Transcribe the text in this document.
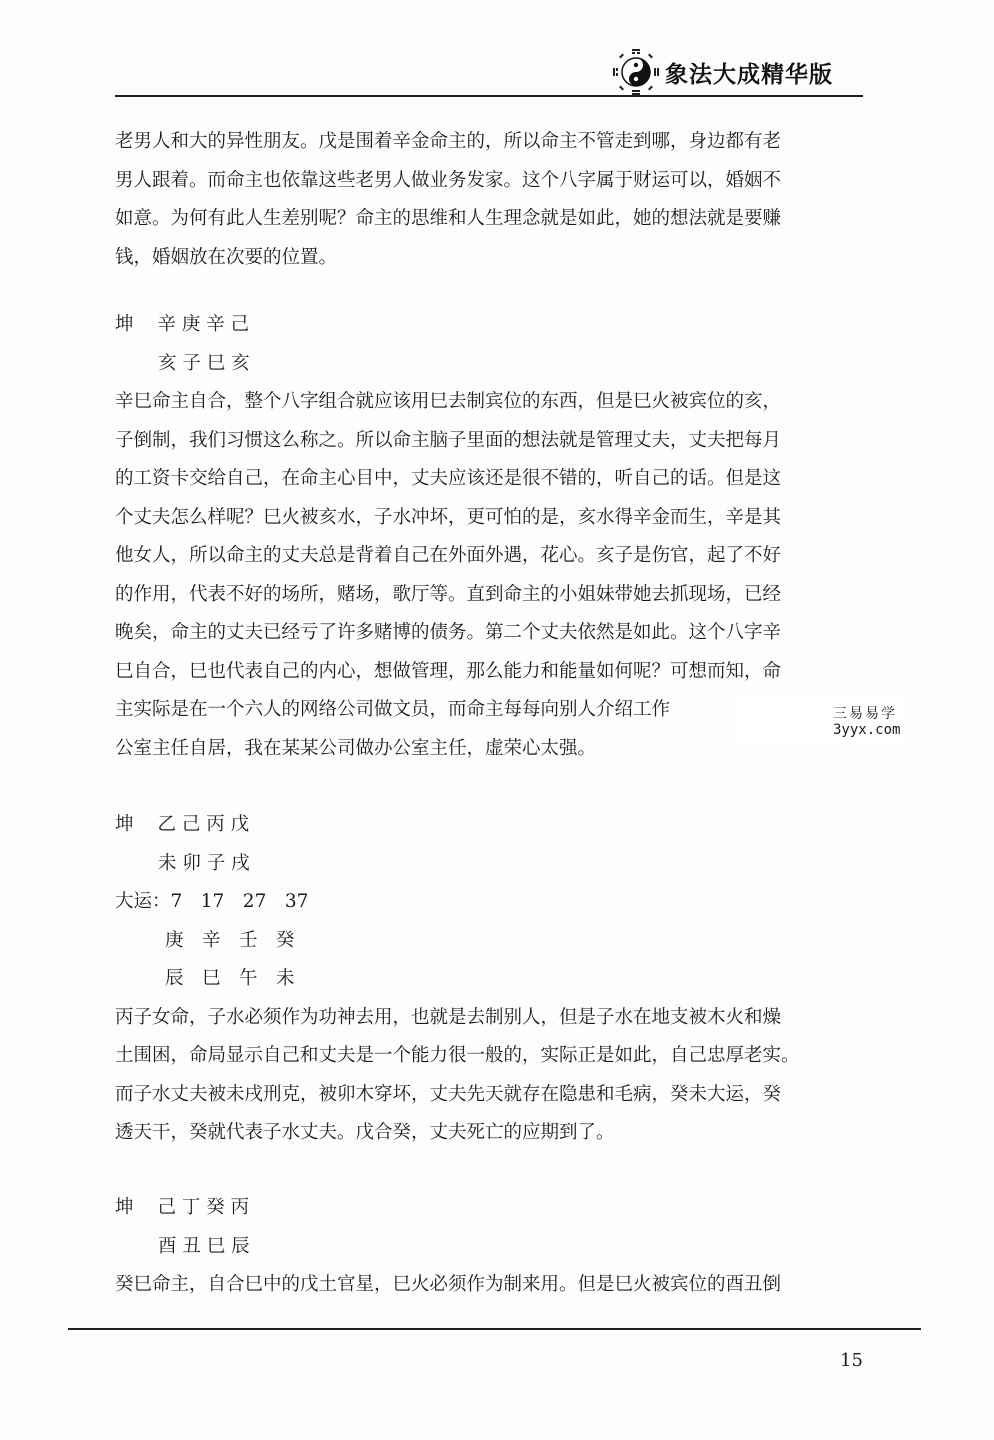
象法大成精华版

老男人和大的异性朋友。戊是围着辛金命主的，所以命主不管走到哪，身边都有老
男人跟着。而命主也依靠这些老男人做业务发家。这个八字属于财运可以，婚姻不
如意。为何有此人生差别呢？命主的思维和人生理念就是如此，她的想法就是要赚
钱，婚姻放在次要的位置。

坤 辛 庚 辛 己
亥 子 巳 亥

辛巳命主自合，整个八字组合就应该用巳去制宾位的东西，但是巳火被宾位的亥，
子倒制，我们习惯这么称之。所以命主脑子里面的想法就是管理丈夫，丈夫把每月
的工资卡交给自己，在命主心目中，丈夫应该还是很不错的，听自己的话。但是这
个丈夫怎么样呢？巳火被亥水，子水冲坏，更可怕的是，亥水得辛金而生，辛是其
他女人，所以命主的丈夫总是背着自己在外面外遇，花心。亥子是伤官，起了不好
的作用，代表不好的场所，赌场，歌厅等。直到命主的小姐妹带她去抓现场，已经
晚矣，命主的丈夫已经亏了许多赌博的债务。第二个丈夫依然是如此。这个八字辛
巳自合，巳也代表自己的内心，想做管理，那么能力和能量如何呢？可想而知，命
主实际是在一个六人的网络公司做文员，而命主每每向别人介绍工作
公室主任自居，我在某某公司做办公室主任，虚荣心太强。

三易易学
3yyx.com
坤 乙 己 丙 戊
未 卯 子 戌
大运：7　17　27　37
庚　辛　壬　癸
辰　巳　午　未

丙子女命，子水必须作为功神去用，也就是去制别人，但是子水在地支被木火和燥
土围困，命局显示自己和丈夫是一个能力很一般的，实际正是如此，自己忠厚老实。
而子水丈夫被未戌刑克，被卯木穿坏，丈夫先天就存在隐患和毛病，癸未大运，癸
透天干，癸就代表子水丈夫。戊合癸，丈夫死亡的应期到了。

坤 己 丁 癸 丙
酉 丑 巳 辰

癸巳命主，自合巳中的戊土官星，巳火必须作为制来用。但是巳火被宾位的酉丑倒

15
